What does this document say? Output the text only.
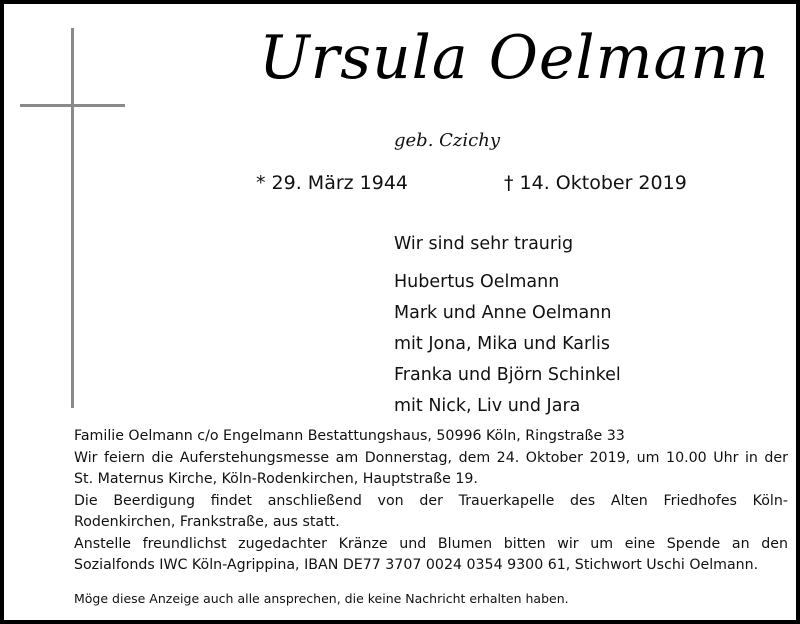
Ursula Oelmann
geb. Czichy
* 29. März 1944	† 14. Oktober 2019
Wir sind sehr traurig
Hubertus Oelmann
Mark und Anne Oelmann
mit Jona, Mika und Karlis
Franka und Björn Schinkel
mit Nick, Liv und Jara
Familie Oelmann c/o Engelmann Bestattungshaus, 50996 Köln, Ringstraße 33
Wir feiern die Auferstehungsmesse am Donnerstag, dem 24. Oktober 2019, um 10.00 Uhr in der
St. Maternus Kirche, Köln-Rodenkirchen, Hauptstraße 19.
Die Beerdigung findet anschließend von der Trauerkapelle des Alten Friedhofes Köln-
Rodenkirchen, Frankstraße, aus statt.
Anstelle freundlichst zugedachter Kränze und Blumen bitten wir um eine Spende an den
Sozialfonds IWC Köln-Agrippina, IBAN DE77 3707 0024 0354 9300 61, Stichwort Uschi Oelmann.
Möge diese Anzeige auch alle ansprechen, die keine Nachricht erhalten haben.
